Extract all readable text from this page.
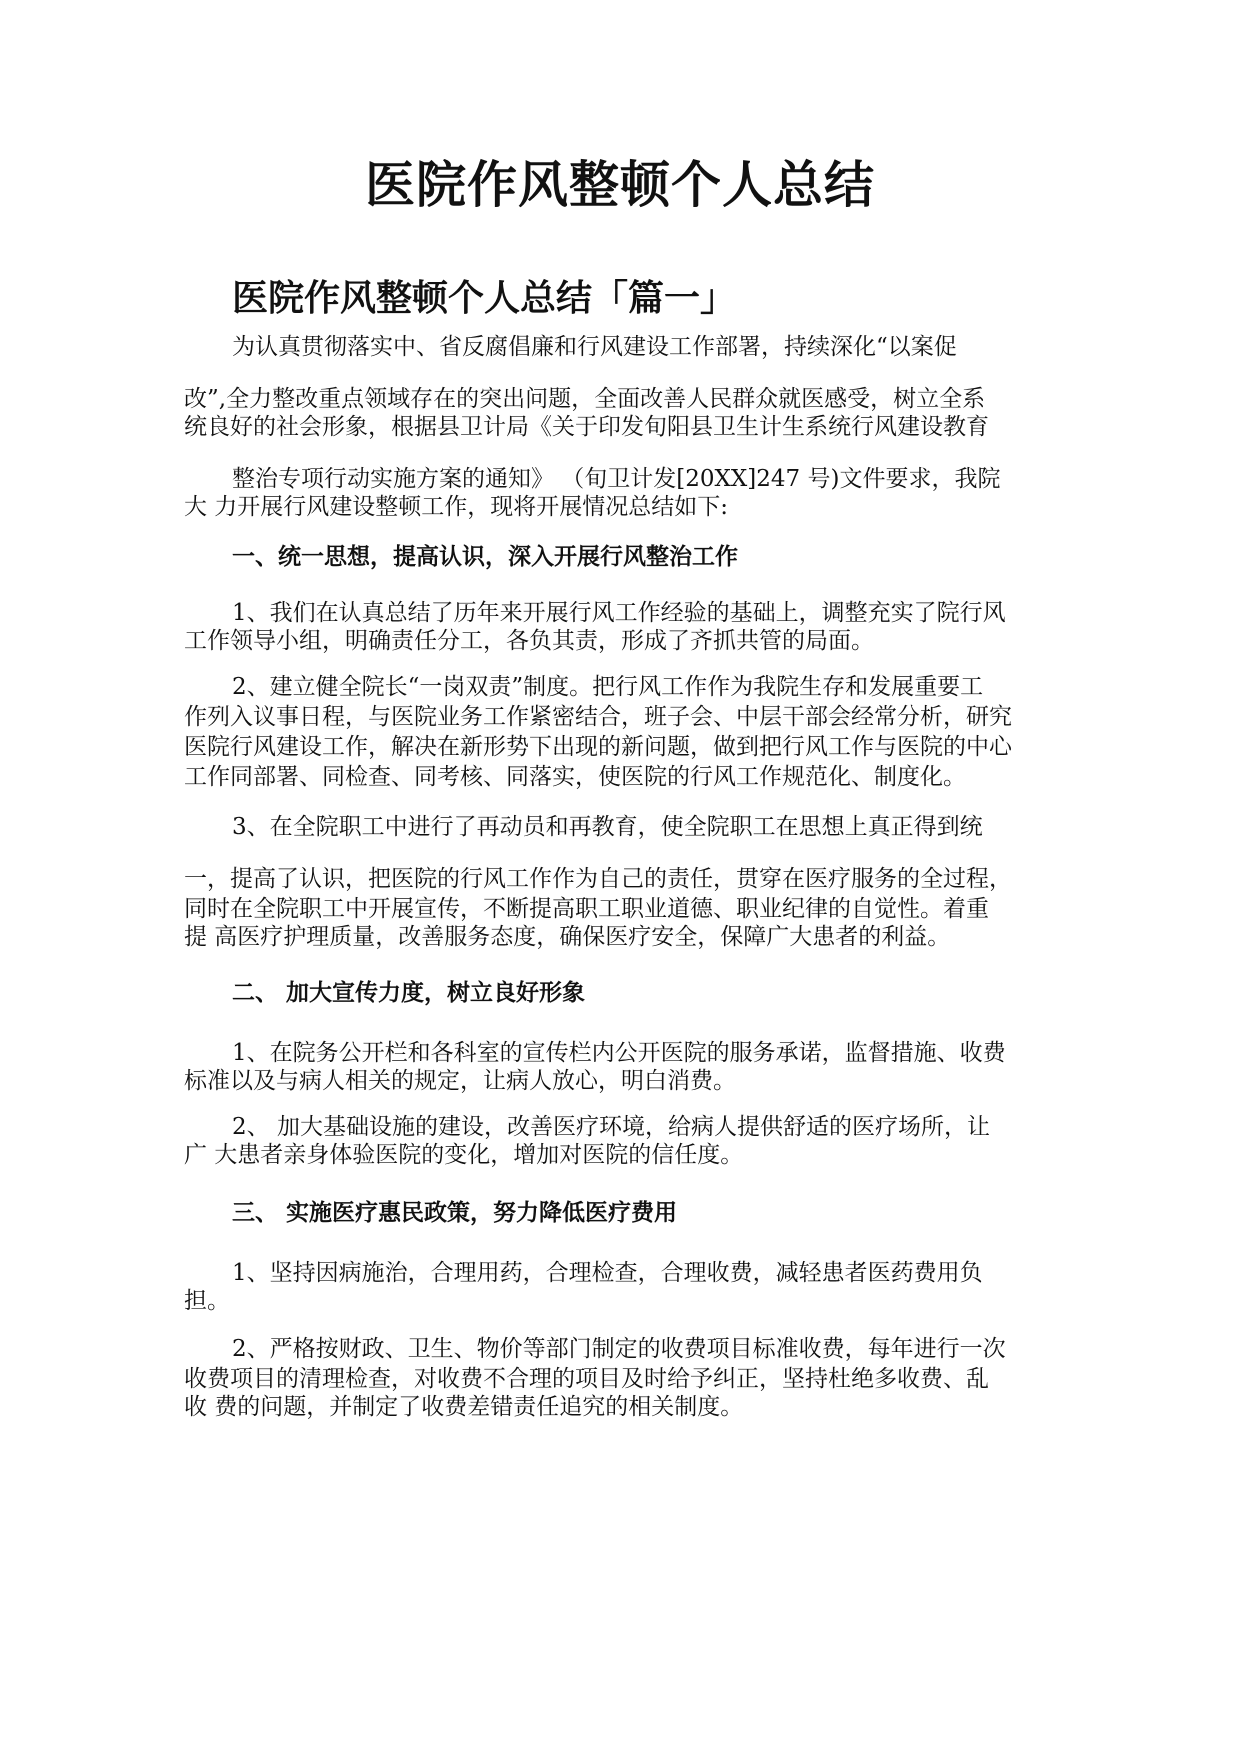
医院作风整顿个人总结
医院作风整顿个人总结「篇一」
为认真贯彻落实中、省反腐倡廉和行风建设工作部署，持续深化“以案促
改”,全力整改重点领域存在的突出问题，全面改善人民群众就医感受，树立全系
统良好的社会形象，根据县卫计局《关于印发旬阳县卫生计生系统行风建设教育
整治专项行动实施方案的通知》 （旬卫计发[20XX]247 号)文件要求，我院
大 力开展行风建设整顿工作，现将开展情况总结如下:
一、统一思想，提高认识，深入开展行风整治工作
1、我们在认真总结了历年来开展行风工作经验的基础上，调整充实了院行风
工作领导小组，明确责任分工，各负其责，形成了齐抓共管的局面。
2、建立健全院长“一岗双责”制度。把行风工作作为我院生存和发展重要工
作列入议事日程，与医院业务工作紧密结合，班子会、中层干部会经常分析，研究
医院行风建设工作，解决在新形势下出现的新问题，做到把行风工作与医院的中心
工作同部署、同检查、同考核、同落实，使医院的行风工作规范化、制度化。
3、在全院职工中进行了再动员和再教育，使全院职工在思想上真正得到统
一，提高了认识，把医院的行风工作作为自己的责任，贯穿在医疗服务的全过程，
同时在全院职工中开展宣传，不断提高职工职业道德、职业纪律的自觉性。着重
提 高医疗护理质量，改善服务态度，确保医疗安全，保障广大患者的利益。
二、 加大宣传力度，树立良好形象
1、在院务公开栏和各科室的宣传栏内公开医院的服务承诺，监督措施、收费
标准以及与病人相关的规定，让病人放心，明白消费。
2、 加大基础设施的建设，改善医疗环境，给病人提供舒适的医疗场所，让
广 大患者亲身体验医院的变化，增加对医院的信任度。
三、 实施医疗惠民政策，努力降低医疗费用
1、坚持因病施治，合理用药，合理检查，合理收费，减轻患者医药费用负
担。
2、严格按财政、卫生、物价等部门制定的收费项目标准收费，每年进行一次
收费项目的清理检查，对收费不合理的项目及时给予纠正，坚持杜绝多收费、乱
收 费的问题，并制定了收费差错责任追究的相关制度。
